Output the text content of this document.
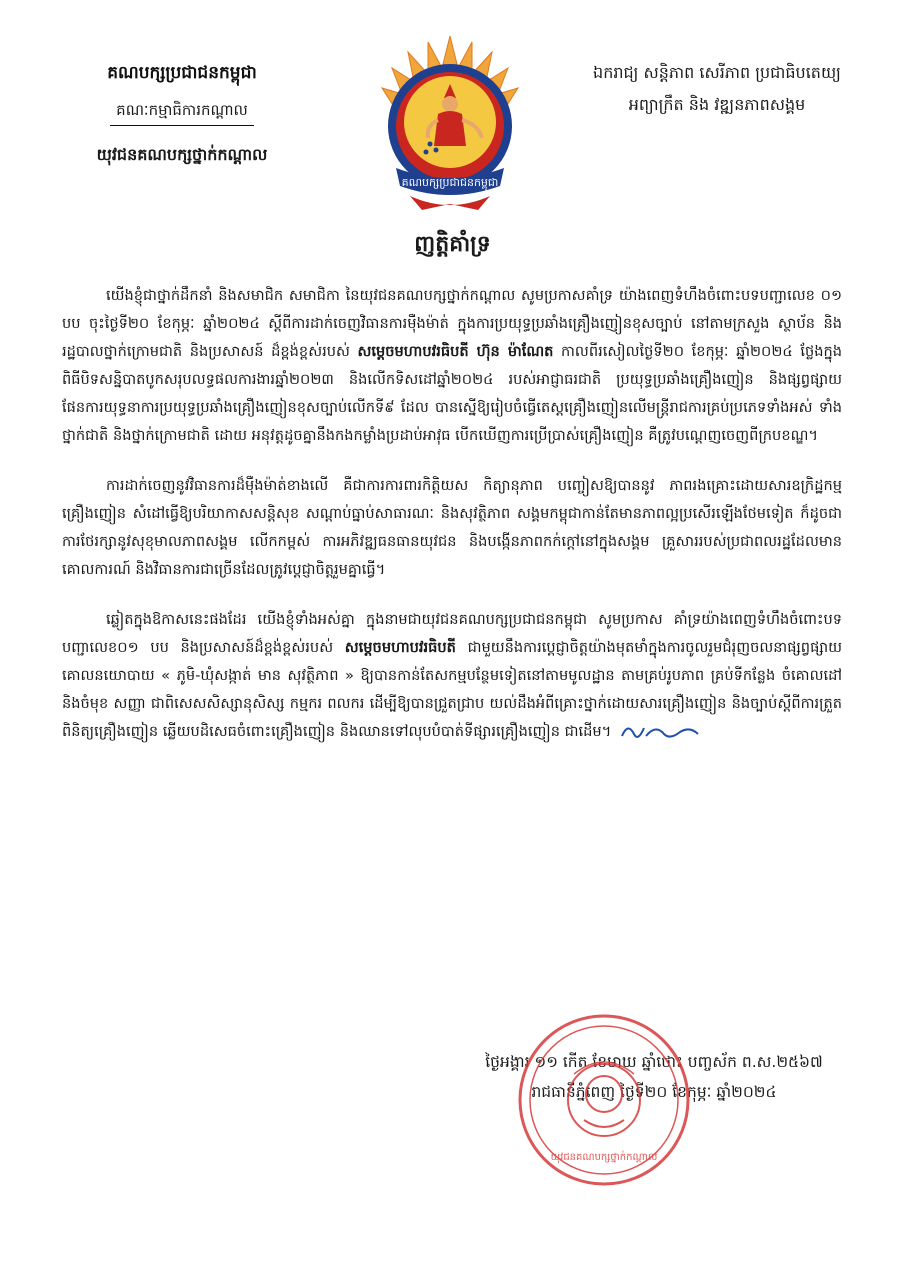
គណបក្សប្រជាជនកម្ពុជា
គណៈកម្មាធិការកណ្តាល
យុវជនគណបក្សថ្នាក់កណ្តាល
ឯករាជ្យ សន្តិភាព សេរីភាព ប្រជាធិបតេយ្យ
អព្យាក្រឹត និង វឌ្ឍនភាពសង្គម
គណបក្សប្រជាជនកម្ពុជា
ញត្តិគាំទ្រ

យើងខ្ញុំជាថ្នាក់ដឹកនាំ និងសមាជិក សមាជិកា នៃយុវជនគណបក្សថ្នាក់កណ្តាល សូមប្រកាសគាំទ្រ យ៉ាងពេញទំហឹងចំពោះបទបញ្ជាលេខ ០១ បប ចុះថ្ងៃទី២០ ខែកុម្ភៈ ឆ្នាំ២០២៤ ស្តីពីការដាក់ចេញវិធានការម៉ឺងម៉ាត់ ក្នុងការប្រយុទ្ធប្រឆាំងគ្រឿងញៀនខុសច្បាប់ នៅតាមក្រសួង ស្ថាប័ន និងរដ្ឋបាលថ្នាក់ក្រោមជាតិ និងប្រសាសន៍ ដ៏ខ្ពង់ខ្ពស់របស់ សម្តេចមហាបវរធិបតី ហ៊ុន ម៉ាណែត កាលពីរសៀលថ្ងៃទី២០ ខែកុម្ភៈ ឆ្នាំ២០២៤ ថ្លែងក្នុងពិធីបិទសន្និបាតបូកសរុបលទ្ធផលការងារឆ្នាំ២០២៣ និងលើកទិសដៅឆ្នាំ២០២៤ របស់អាជ្ញាធរជាតិ ប្រយុទ្ធប្រឆាំងគ្រឿងញៀន និងផ្សព្វផ្សាយផែនការយុទ្ធនាការប្រយុទ្ធប្រឆាំងគ្រឿងញៀនខុសច្បាប់លើកទី៩ ដែល បានស្នើឱ្យរៀបចំធ្វើតេស្តគ្រឿងញៀនលើមន្ត្រីរាជការគ្រប់ប្រភេទទាំងអស់ ទាំងថ្នាក់ជាតិ និងថ្នាក់ក្រោមជាតិ ដោយ អនុវត្តដូចគ្នានឹងកងកម្លាំងប្រដាប់អាវុធ បើកឃើញការប្រើប្រាស់គ្រឿងញៀន គឺត្រូវបណ្តេញចេញពីក្របខណ្ឌ។

ការដាក់ចេញនូវវិធានការដ៏ម៉ឺងម៉ាត់ខាងលើ គឺជាការការពារកិត្តិយស កិត្យានុភាព បញ្ចៀសឱ្យបាននូវ ភាពរងគ្រោះដោយសារឧក្រិដ្ឋកម្មគ្រឿងញៀន សំដៅធ្វើឱ្យបរិយាកាសសន្តិសុខ សណ្តាប់ធ្នាប់សាធារណៈ និងសុវត្ថិភាព សង្គមកម្ពុជាកាន់តែមានភាពល្អប្រសើរឡើងថែមទៀត ក៏ដូចជាការថែរក្សានូវសុខុមាលភាពសង្គម លើកកម្ពស់ ការអភិវឌ្ឍធនធានយុវជន និងបង្កើនភាពកក់ក្តៅនៅក្នុងសង្គម គ្រួសាររបស់ប្រជាពលរដ្ឋដែលមានគោលការណ៍ និងវិធានការជាច្រើនដែលត្រូវប្តេជ្ញាចិត្តរួមគ្នាធ្វើ។

ឆ្លៀតក្នុងឱកាសនេះផងដែរ យើងខ្ញុំទាំងអស់គ្នា ក្នុងនាមជាយុវជនគណបក្សប្រជាជនកម្ពុជា សូមប្រកាស គាំទ្រយ៉ាងពេញទំហឹងចំពោះបទបញ្ជាលេខ០១ បប និងប្រសាសន៍ដ៏ខ្ពង់ខ្ពស់របស់ សម្តេចមហាបវរធិបតី ជាមួយនឹងការប្តេជ្ញាចិត្តយ៉ាងមុតមាំក្នុងការចូលរួមជំរុញចលនាផ្សព្វផ្សាយគោលនយោបាយ « ភូមិ-ឃុំសង្កាត់ មាន សុវត្ថិភាព » ឱ្យបានកាន់តែសកម្មបន្ថែមទៀតនៅតាមមូលដ្ឋាន តាមគ្រប់រូបភាព គ្រប់ទីកន្លែង ចំគោលដៅ និងចំមុខ សញ្ញា ជាពិសេសសិស្សានុសិស្ស កម្មករ ពលករ ដើម្បីឱ្យបានជ្រួតជ្រាប យល់ដឹងអំពីគ្រោះថ្នាក់ដោយសារគ្រឿងញៀន និងច្បាប់ស្តីពីការត្រួតពិនិត្យគ្រឿងញៀន ឆ្លើយបដិសេធចំពោះគ្រឿងញៀន និងឈានទៅលុបបំបាត់ទីផ្សារគ្រឿងញៀន ជាដើម។

ថ្ងៃអង្គារ ១១ កើត ខែមាឃ ឆ្នាំថោះ បញ្ចស័ក ព.ស.២៥៦៧
រាជធានីភ្នំពេញ ថ្ងៃទី២០ ខែកុម្ភៈ ឆ្នាំ២០២៤
យុវជនគណបក្សថ្នាក់កណ្តាល
